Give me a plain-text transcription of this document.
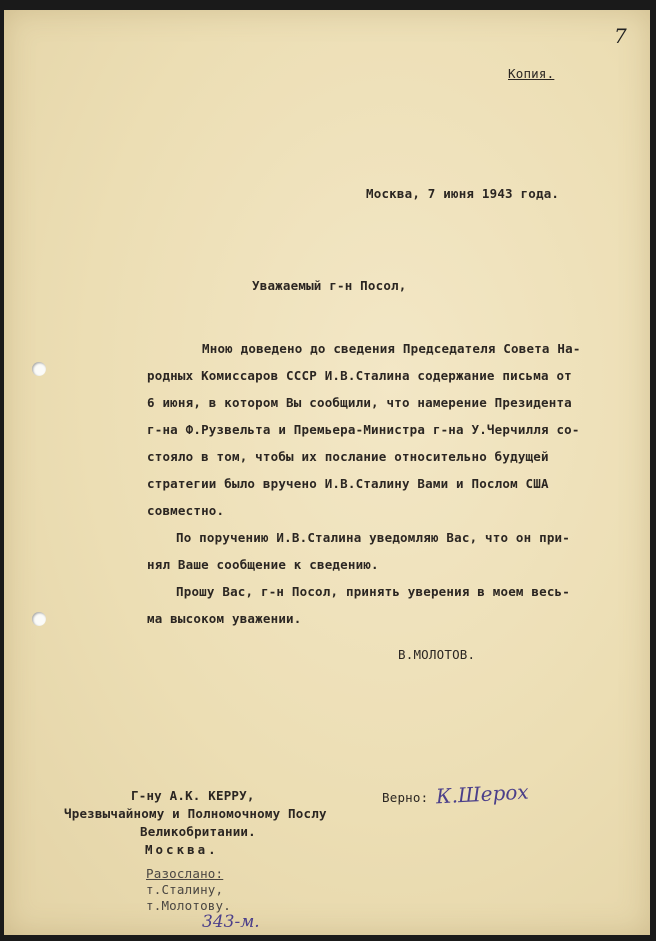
7
Копия.
Москва, 7 июня 1943 года.
Уважаемый г-н Посол,
Мною доведено до сведения Председателя Совета На-
родных Комиссаров СССР И.В.Сталина содержание письма от
6 июня, в котором Вы сообщили, что намерение Президента
г-на Ф.Рузвельта и Премьера-Министра г-на У.Черчилля со-
стояло в том, чтобы их послание относительно будущей
стратегии было вручено И.В.Сталину Вами и Послом США
совместно.
По поручению И.В.Сталина уведомляю Вас, что он при-
нял Ваше сообщение к сведению.
Прошу Вас, г-н Посол, принять уверения в моем весь-
ма высоком уважении.
В.МОЛОТОВ.
Г-ну А.К. КЕРРУ,
Чрезвычайному и Полномочному Послу
Великобритании.
Москва.
Верно: К.Шерох
Разослано:
т.Сталину,
т.Молотову.
343-м.
